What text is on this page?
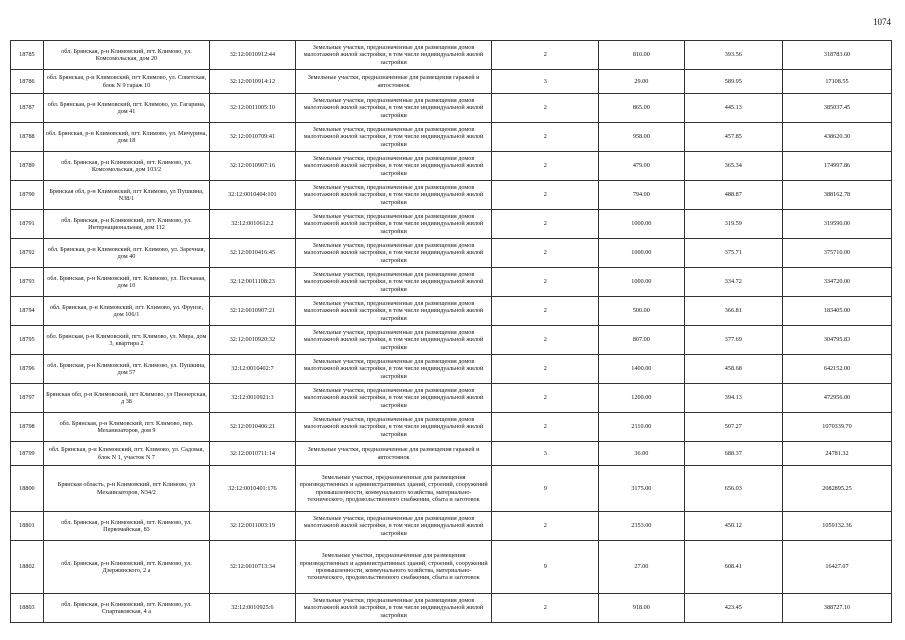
1074
18785	обл. Брянская, р-н Климовский, пгт. Климово, ул. Комсомольская, дом 20	32:12:0010912:44	Земельные участки, предназначенные для размещения домов малоэтажной жилой застройки, в том числе индивидуальной жилой застройки	2	810.00	393.56	318783.60
18786	обл. Брянская, р-н Климовский, пгт Климово, ул. Советская, блок N 9 гараж 10	32:12:0010914:12	Земельные участки, предназначенные для размещения гаражей и автостоянок	3	29.00	589.95	17108.55
18787	обл. Брянская, р-н Климовский, пгт. Климово, ул. Гагарина, дом 41	32:12:0011005:10	Земельные участки, предназначенные для размещения домов малоэтажной жилой застройки, в том числе индивидуальной жилой застройки	2	865.00	445.13	385037.45
18788	обл. Брянская, р-н Климовский, пгт. Климово, ул. Мичурина, дом 18	32:12:0010709:41	Земельные участки, предназначенные для размещения домов малоэтажной жилой застройки, в том числе индивидуальной жилой застройки	2	958.00	457.85	438620.30
18789	обл. Брянская, р-н Климовский, пгт. Климово, ул. Комсомольская, дом 103/2	32:12:0010907:16	Земельные участки, предназначенные для размещения домов малоэтажной жилой застройки, в том числе индивидуальной жилой застройки	2	479.00	365.34	174997.86
18790	Брянская обл, р-н Климовский, пгт Климово, ул Пушкина, N38/1	32:12:0010404:101	Земельные участки, предназначенные для размещения домов малоэтажной жилой застройки, в том числе индивидуальной жилой застройки	2	794.00	488.87	388162.78
18791	обл. Брянская, р-н Климовский, пгт. Климово, ул. Интернациональная, дом 112	32:12:0010612:2	Земельные участки, предназначенные для размещения домов малоэтажной жилой застройки, в том числе индивидуальной жилой застройки	2	1000.00	319.59	319590.00
18792	обл. Брянская, р-н Климовский, пгт. Климово, ул. Заречная, дом 40	32:12:0010416:45	Земельные участки, предназначенные для размещения домов малоэтажной жилой застройки, в том числе индивидуальной жилой застройки	2	1000.00	375.71	375710.00
18793	обл. Брянская, р-н Климовский, пгт. Климово, ул. Песчаная, дом 10	32:12:0011108:23	Земельные участки, предназначенные для размещения домов малоэтажной жилой застройки, в том числе индивидуальной жилой застройки	2	1000.00	334.72	334720.00
18794	обл. Брянская, р-н Климовский, пгт. Климово, ул. Фрунзе, дом 106/1	32:12:0010907:21	Земельные участки, предназначенные для размещения домов малоэтажной жилой застройки, в том числе индивидуальной жилой застройки	2	500.00	366.81	183405.00
18795	обл. Брянская, р-н Климовский, пгт. Климово, ул. Мира, дом 3, квартира 2	32:12:0010920:32	Земельные участки, предназначенные для размещения домов малоэтажной жилой застройки, в том числе индивидуальной жилой застройки	2	807.00	377.69	304795.83
18796	обл. Брянская, р-н Климовский, пгт. Климово, ул. Пушкина, дом 57	32:12:0010402:7	Земельные участки, предназначенные для размещения домов малоэтажной жилой застройки, в том числе индивидуальной жилой застройки	2	1400.00	458.68	642152.00
18797	Брянская обл, р-н Климовский, пгт Климово, ул Пионерская, д 38	32:12:0010921:3	Земельные участки, предназначенные для размещения домов малоэтажной жилой застройки, в том числе индивидуальной жилой застройки	2	1200.00	394.13	472956.00
18798	обл. Брянская, р-н Климовский, пгт. Климово, пер. Механизаторов, дом 9	32:12:0010406:21	Земельные участки, предназначенные для размещения домов малоэтажной жилой застройки, в том числе индивидуальной жилой застройки	2	2110.00	507.27	1070339.70
18799	обл. Брянская, р-н Климовский, пгт. Климово, ул. Садовая, блок N 1, участок N 7	32:12:0010711:14	Земельные участки, предназначенные для размещения гаражей и автостоянок	3	36.00	688.37	24781.32
18800	Брянская область, р-н Климовский, пгт Климово, ул Механизаторов, N34/2	32:12:0010401:176	Земельные участки, предназначенные для размещения производственных и административных зданий, строений, сооружений промышленности, коммунального хозяйства, материально-технического, продовольственного снабжения, сбыта и заготовок	9	3175.00	656.03	2082895.25
18801	обл. Брянская, р-н Климовский, пгт. Климово, ул. Первомайская, 83	32:12:0011003:19	Земельные участки, предназначенные для размещения домов малоэтажной жилой застройки, в том числе индивидуальной жилой застройки	2	2353.00	450.12	1059132.36
18802	обл. Брянская, р-н Климовский, пгт. Климово, ул. Дзержинского, 2 а	32:12:0010713:34	Земельные участки, предназначенные для размещения производственных и административных зданий, строений, сооружений промышленности, коммунального хозяйства, материально-технического, продовольственного снабжения, сбыта и заготовок	9	27.00	608.41	16427.07
18803	обл. Брянская, р-н Климовский, пгт. Климово, ул. Спартаковская, 4 а	32:12:0010925:6	Земельные участки, предназначенные для размещения домов малоэтажной жилой застройки, в том числе индивидуальной жилой застройки	2	918.00	423.45	388727.10
